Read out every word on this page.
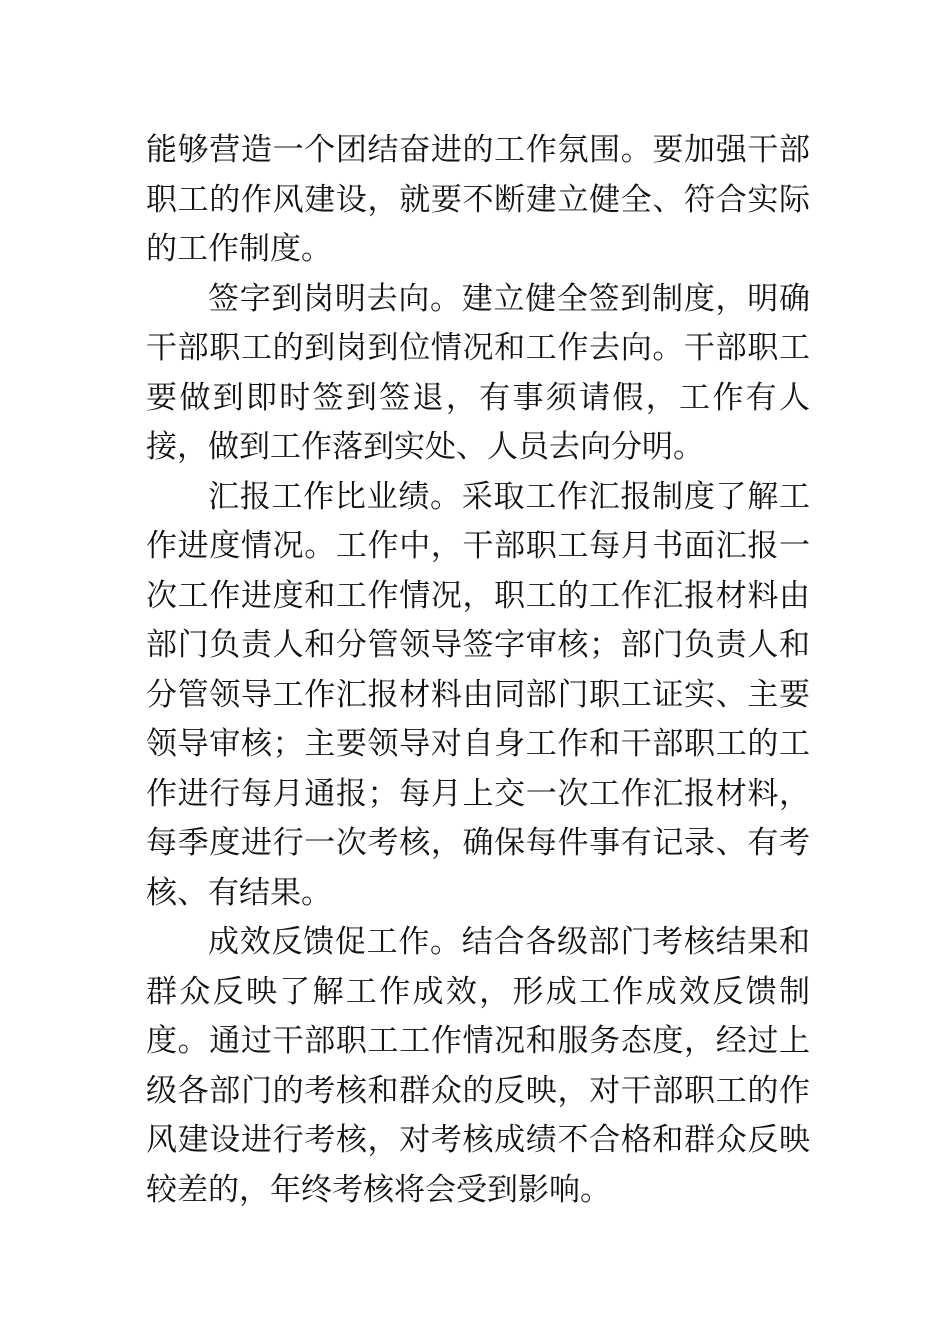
能够营造一个团结奋进的工作氛围。要加强干部职工的作风建设，就要不断建立健全、符合实际的工作制度。

签字到岗明去向。建立健全签到制度，明确干部职工的到岗到位情况和工作去向。干部职工要做到即时签到签退，有事须请假，工作有人接，做到工作落到实处、人员去向分明。

汇报工作比业绩。采取工作汇报制度了解工作进度情况。工作中，干部职工每月书面汇报一次工作进度和工作情况，职工的工作汇报材料由部门负责人和分管领导签字审核；部门负责人和分管领导工作汇报材料由同部门职工证实、主要领导审核；主要领导对自身工作和干部职工的工作进行每月通报；每月上交一次工作汇报材料，每季度进行一次考核，确保每件事有记录、有考核、有结果。

成效反馈促工作。结合各级部门考核结果和群众反映了解工作成效，形成工作成效反馈制度。通过干部职工工作情况和服务态度，经过上级各部门的考核和群众的反映，对干部职工的作风建设进行考核，对考核成绩不合格和群众反映较差的，年终考核将会受到影响。
